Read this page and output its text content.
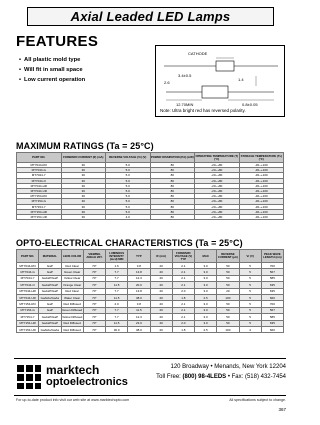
Axial Leaded LED Lamps
FEATURES
• All plastic mold type
• Will fit in small space
• Low current operation
CATHODE
3.4±0.5
2.6
1.4
12.70MIN	0.8±0.05
Note: Ultra bright red has reversed polarity.
MAXIMUM RATINGS (Ta = 25°C)
PART NO.	FORWARD CURRENT (If) (mA)	REVERSE VOLTAGE (Vr) (V)	POWER DISSIPATION (Pd) (mW)	OPERATING TEMPERATURE (T) (°C)	STORAGE TEMPERATURE (Ts) (°C)
MT7044-RO	30	5.0	80	-20~+80	-30~+100
MT7044-G	30	5.0	80	-20~+80	-30~+100
MT7044-Y	30	5.0	80	-20~+80	-30~+100
MT7044-O	30	5.0	80	-20~+80	-30~+100
MT7044-HR	30	5.0	80	-20~+80	-30~+100
MT7044-UR	30	5.0	80	-20~+80	-30~+100
MT7154-RO	30	5.0	80	-20~+80	-30~+100
MT7154-G	30	5.0	80	-20~+80	-30~+100
MT7154-Y	30	5.0	80	-20~+80	-30~+100
MT7154-HR	30	5.0	80	-20~+80	-30~+100
MT7154-UR	30	4.0	80	-20~+80	-30~+100
OPTO-ELECTRICAL CHARACTERISTICS (Ta = 25°C)
PART NO.	MATERIAL	LENS COLOR	VIEWING ANGLE 2θ½	LUMINOUS INTENSITY (mcd) MIN	TYP	IF (mA)	FORWARD VOLTAGE (V) TYP	MAX	REVERSE CURRENT (µA)	Vr (V)	PEAK WAVE LENGTH (nm)
MT7044-RO	GaP	Red Clear	70°	1.6	3.8	20	2.1	3.0	50	5	700
MT7044-G	GaP	Green Clear	70°	7.7	13.8	20	2.1	3.0	50	5	567
MT7044-Y	GaAsP/GaP	Yellow Clear	70°	7.7	12.3	20	2.1	3.0	50	5	585
MT7044-O	GaAsP/GaP	Orange Clear	70°	11.5	20.0	20	2.1	3.0	50	5	635
MT7044-HR	GaAsP/GaP	Red Clear	70°	7.7	13.8	20	2.0	3.0	20	5	635
MT7044-UR	GaAlAs/GaAs	Water Clear	70°	11.5	38.0	20	1.8	2.5	100	5	660
MT7154-RO	GaP	Red Diffused	70°	2.0	3.8	20	2.1	3.0	50	5	700
MT7154-G	GaP	Green Diffused	70°	7.7	11.5	20	2.1	3.0	50	5	567
MT7154-Y	GaAsP/GaP	Yellow Diffused	70°	7.7	12.3	20	2.1	3.0	50	5	585
MT7154-HR	GaAsP/GaP	Red Diffused	70°	11.5	23.0	20	2.0	3.0	50	5	635
MT7154-UR	GaAlAs/GaAs	Red Diffused	70°	30.0	38.0	20	1.8	2.5	100	4	660
marktech
optoelectronics
120 Broadway • Menands, New York 12204
Toll Free: (800) 98-4LEDS • Fax: (518) 432-7454
For up-to-date product info visit our web site at www.marktechopto.com	All specifications subject to change.
367
